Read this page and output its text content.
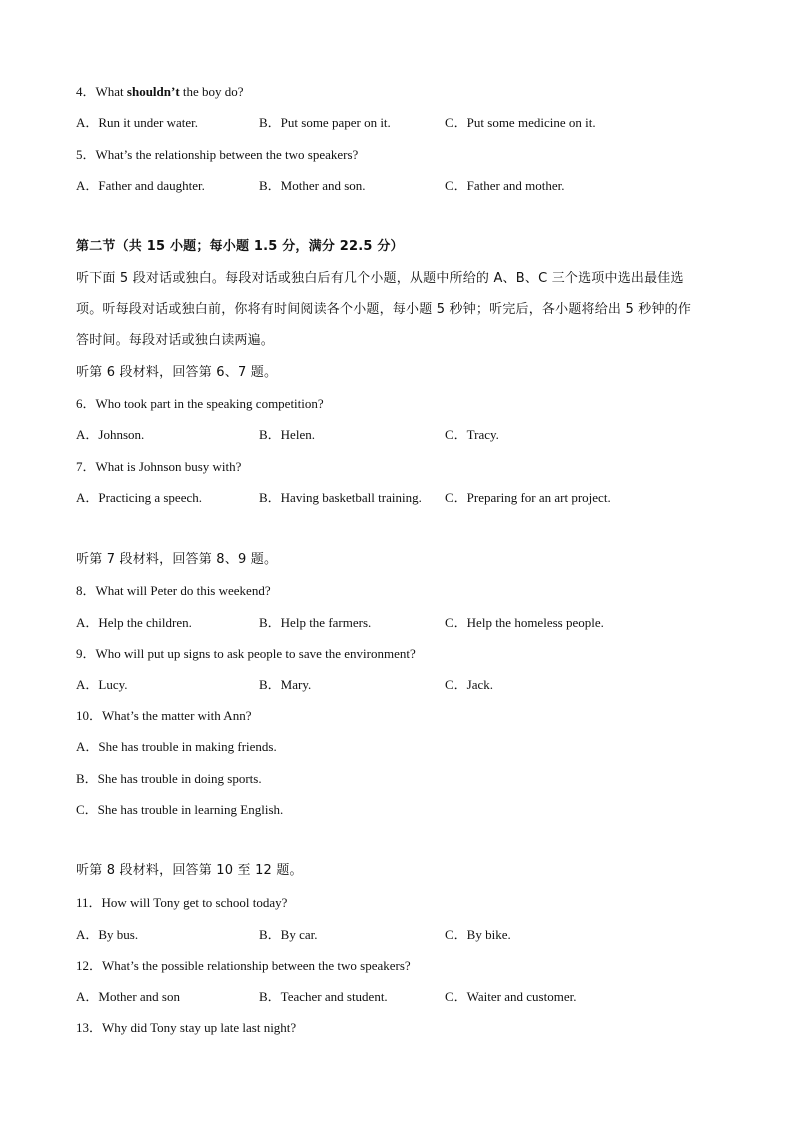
4．What shouldn’t the boy do?
A．Run it under water.	B．Put some paper on it.	C．Put some medicine on it.
5．What’s the relationship between the two speakers?
A．Father and daughter.	B．Mother and son.	C．Father and mother.
第二节（共 15 小题；每小题 1.5 分，满分 22.5 分）
听下面 5 段对话或独白。每段对话或独白后有几个小题，从题中所给的 A、B、C 三个选项中选出最佳选
项。听每段对话或独白前，你将有时间阅读各个小题，每小题 5 秒钟；听完后，各小题将给出 5 秒钟的作
答时间。每段对话或独白读两遍。
听第 6 段材料，回答第 6、7 题。
6．Who took part in the speaking competition?
A．Johnson.	B．Helen.	C．Tracy.
7．What is Johnson busy with?
A．Practicing a speech.	B．Having basketball training. C．Preparing for an art project.
听第 7 段材料，回答第 8、9 题。
8．What will Peter do this weekend?
A．Help the children.	B．Help the farmers.	C．Help the homeless people.
9．Who will put up signs to ask people to save the environment?
A．Lucy.	B．Mary.	C．Jack.
10．What’s the matter with Ann?
A．She has trouble in making friends.
B．She has trouble in doing sports.
C．She has trouble in learning English.
听第 8 段材料，回答第 10 至 12 题。
11．How will Tony get to school today?
A．By bus.	B．By car.	C．By bike.
12．What’s the possible relationship between the two speakers?
A．Mother and son	B．Teacher and student.	C．Waiter and customer.
13．Why did Tony stay up late last night?
